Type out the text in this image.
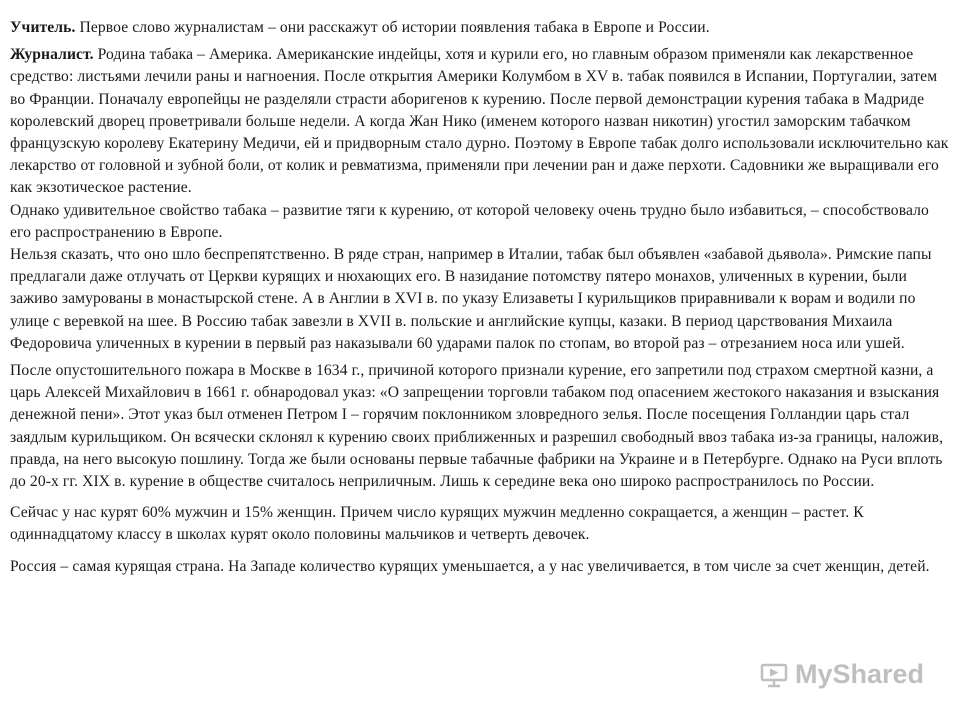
Учитель. Первое слово журналистам – они расскажут об истории появления табака в Европе и России.

Журналист. Родина табака – Америка. Американские индейцы, хотя и курили его, но главным образом применяли как лекарственное средство: листьями лечили раны и нагноения. После открытия Америки Колумбом в XV в. табак появился в Испании, Португалии, затем во Франции. Поначалу европейцы не разделяли страсти аборигенов к курению. После первой демонстрации курения табака в Мадриде королевский дворец проветривали больше недели. А когда Жан Нико (именем которого назван никотин) угостил заморским табачком французскую королеву Екатерину Медичи, ей и придворным стало дурно. Поэтому в Европе табак долго использовали исключительно как лекарство от головной и зубной боли, от колик и ревматизма, применяли при лечении ран и даже перхоти. Садовники же выращивали его как экзотическое растение.

Однако удивительное свойство табака – развитие тяги к курению, от которой человеку очень трудно было избавиться, – способствовало его распространению в Европе.

Нельзя сказать, что оно шло беспрепятственно. В ряде стран, например в Италии, табак был объявлен «забавой дьявола». Римские папы предлагали даже отлучать от Церкви курящих и нюхающих его. В назидание потомству пятеро монахов, уличенных в курении, были заживо замурованы в монастырской стене. А в Англии в XVI в. по указу Елизаветы I курильщиков приравнивали к ворам и водили по улице с веревкой на шее. В Россию табак завезли в XVII в. польские и английские купцы, казаки. В период царствования Михаила Федоровича уличенных в курении в первый раз наказывали 60 ударами палок по стопам, во второй раз – отрезанием носа или ушей.

После опустошительного пожара в Москве в 1634 г., причиной которого признали курение, его запретили под страхом смертной казни, а царь Алексей Михайлович в 1661 г. обнародовал указ: «О запрещении торговли табаком под опасением жестокого наказания и взыскания денежной пени». Этот указ был отменен Петром I – горячим поклонником зловредного зелья. После посещения Голландии царь стал заядлым курильщиком. Он всячески склонял к курению своих приближенных и разрешил свободный ввоз табака из-за границы, наложив, правда, на него высокую пошлину. Тогда же были основаны первые табачные фабрики на Украине и в Петербурге. Однако на Руси вплоть до 20-х гг. XIX в. курение в обществе считалось неприличным. Лишь к середине века оно широко распространилось по России.

Сейчас у нас курят 60% мужчин и 15% женщин. Причем число курящих мужчин медленно сокращается, а женщин – растет. К одиннадцатому классу в школах курят около половины мальчиков и четверть девочек.

Россия – самая курящая страна. На Западе количество курящих уменьшается, а у нас увеличивается, в том числе за счет женщин, детей.

MyShared
